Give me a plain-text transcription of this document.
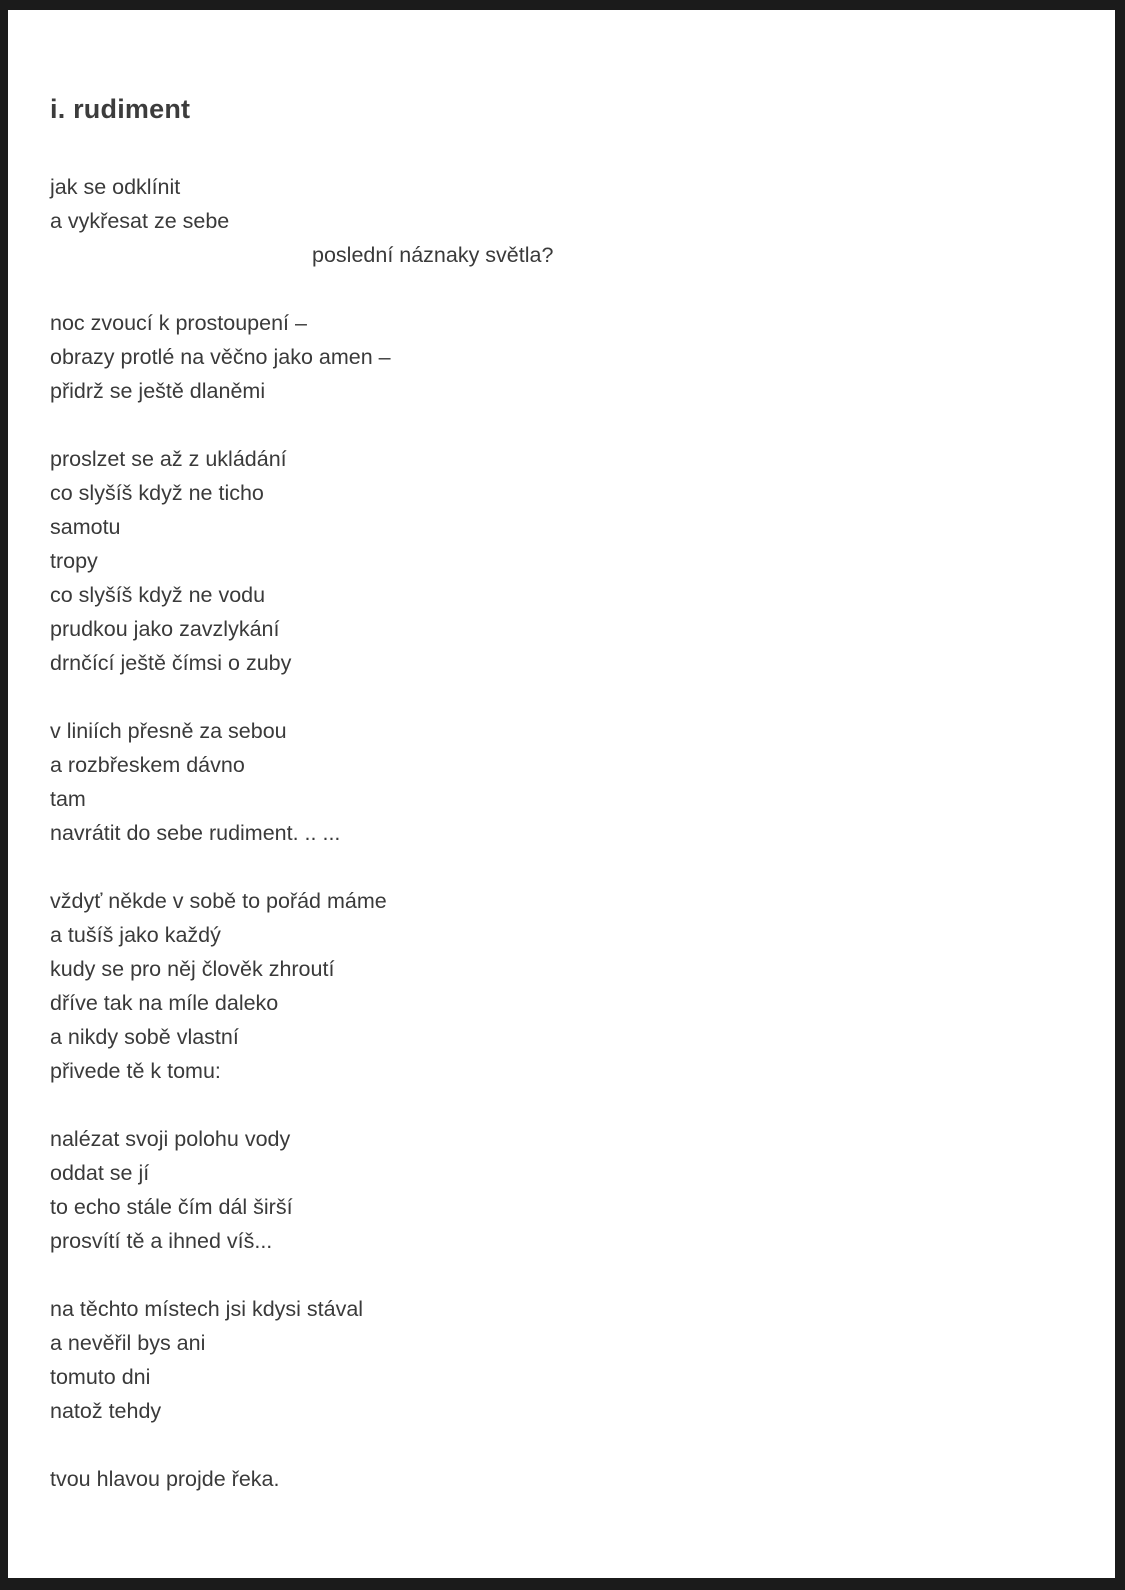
i. rudiment
jak se odklínit
a vykřesat ze sebe
poslední náznaky světla?
noc zvoucí k prostoupení –
obrazy protlé na věčno jako amen –
přidrž se ještě dlaněmi
proslzet se až z ukládání
co slyšíš když ne ticho
samotu
tropy
co slyšíš když ne vodu
prudkou jako zavzlykání
drnčící ještě čímsi o zuby
v liniích přesně za sebou
a rozbřeskem dávno
tam
navrátit do sebe rudiment. .. ...
vždyť někde v sobě to pořád máme
a tušíš jako každý
kudy se pro něj člověk zhroutí
dříve tak na míle daleko
a nikdy sobě vlastní
přivede tě k tomu:
nalézat svoji polohu vody
oddat se jí
to echo stále čím dál širší
prosvítí tě a ihned víš...
na těchto místech jsi kdysi stával
a nevěřil bys ani
tomuto dni
natož tehdy
tvou hlavou projde řeka.
